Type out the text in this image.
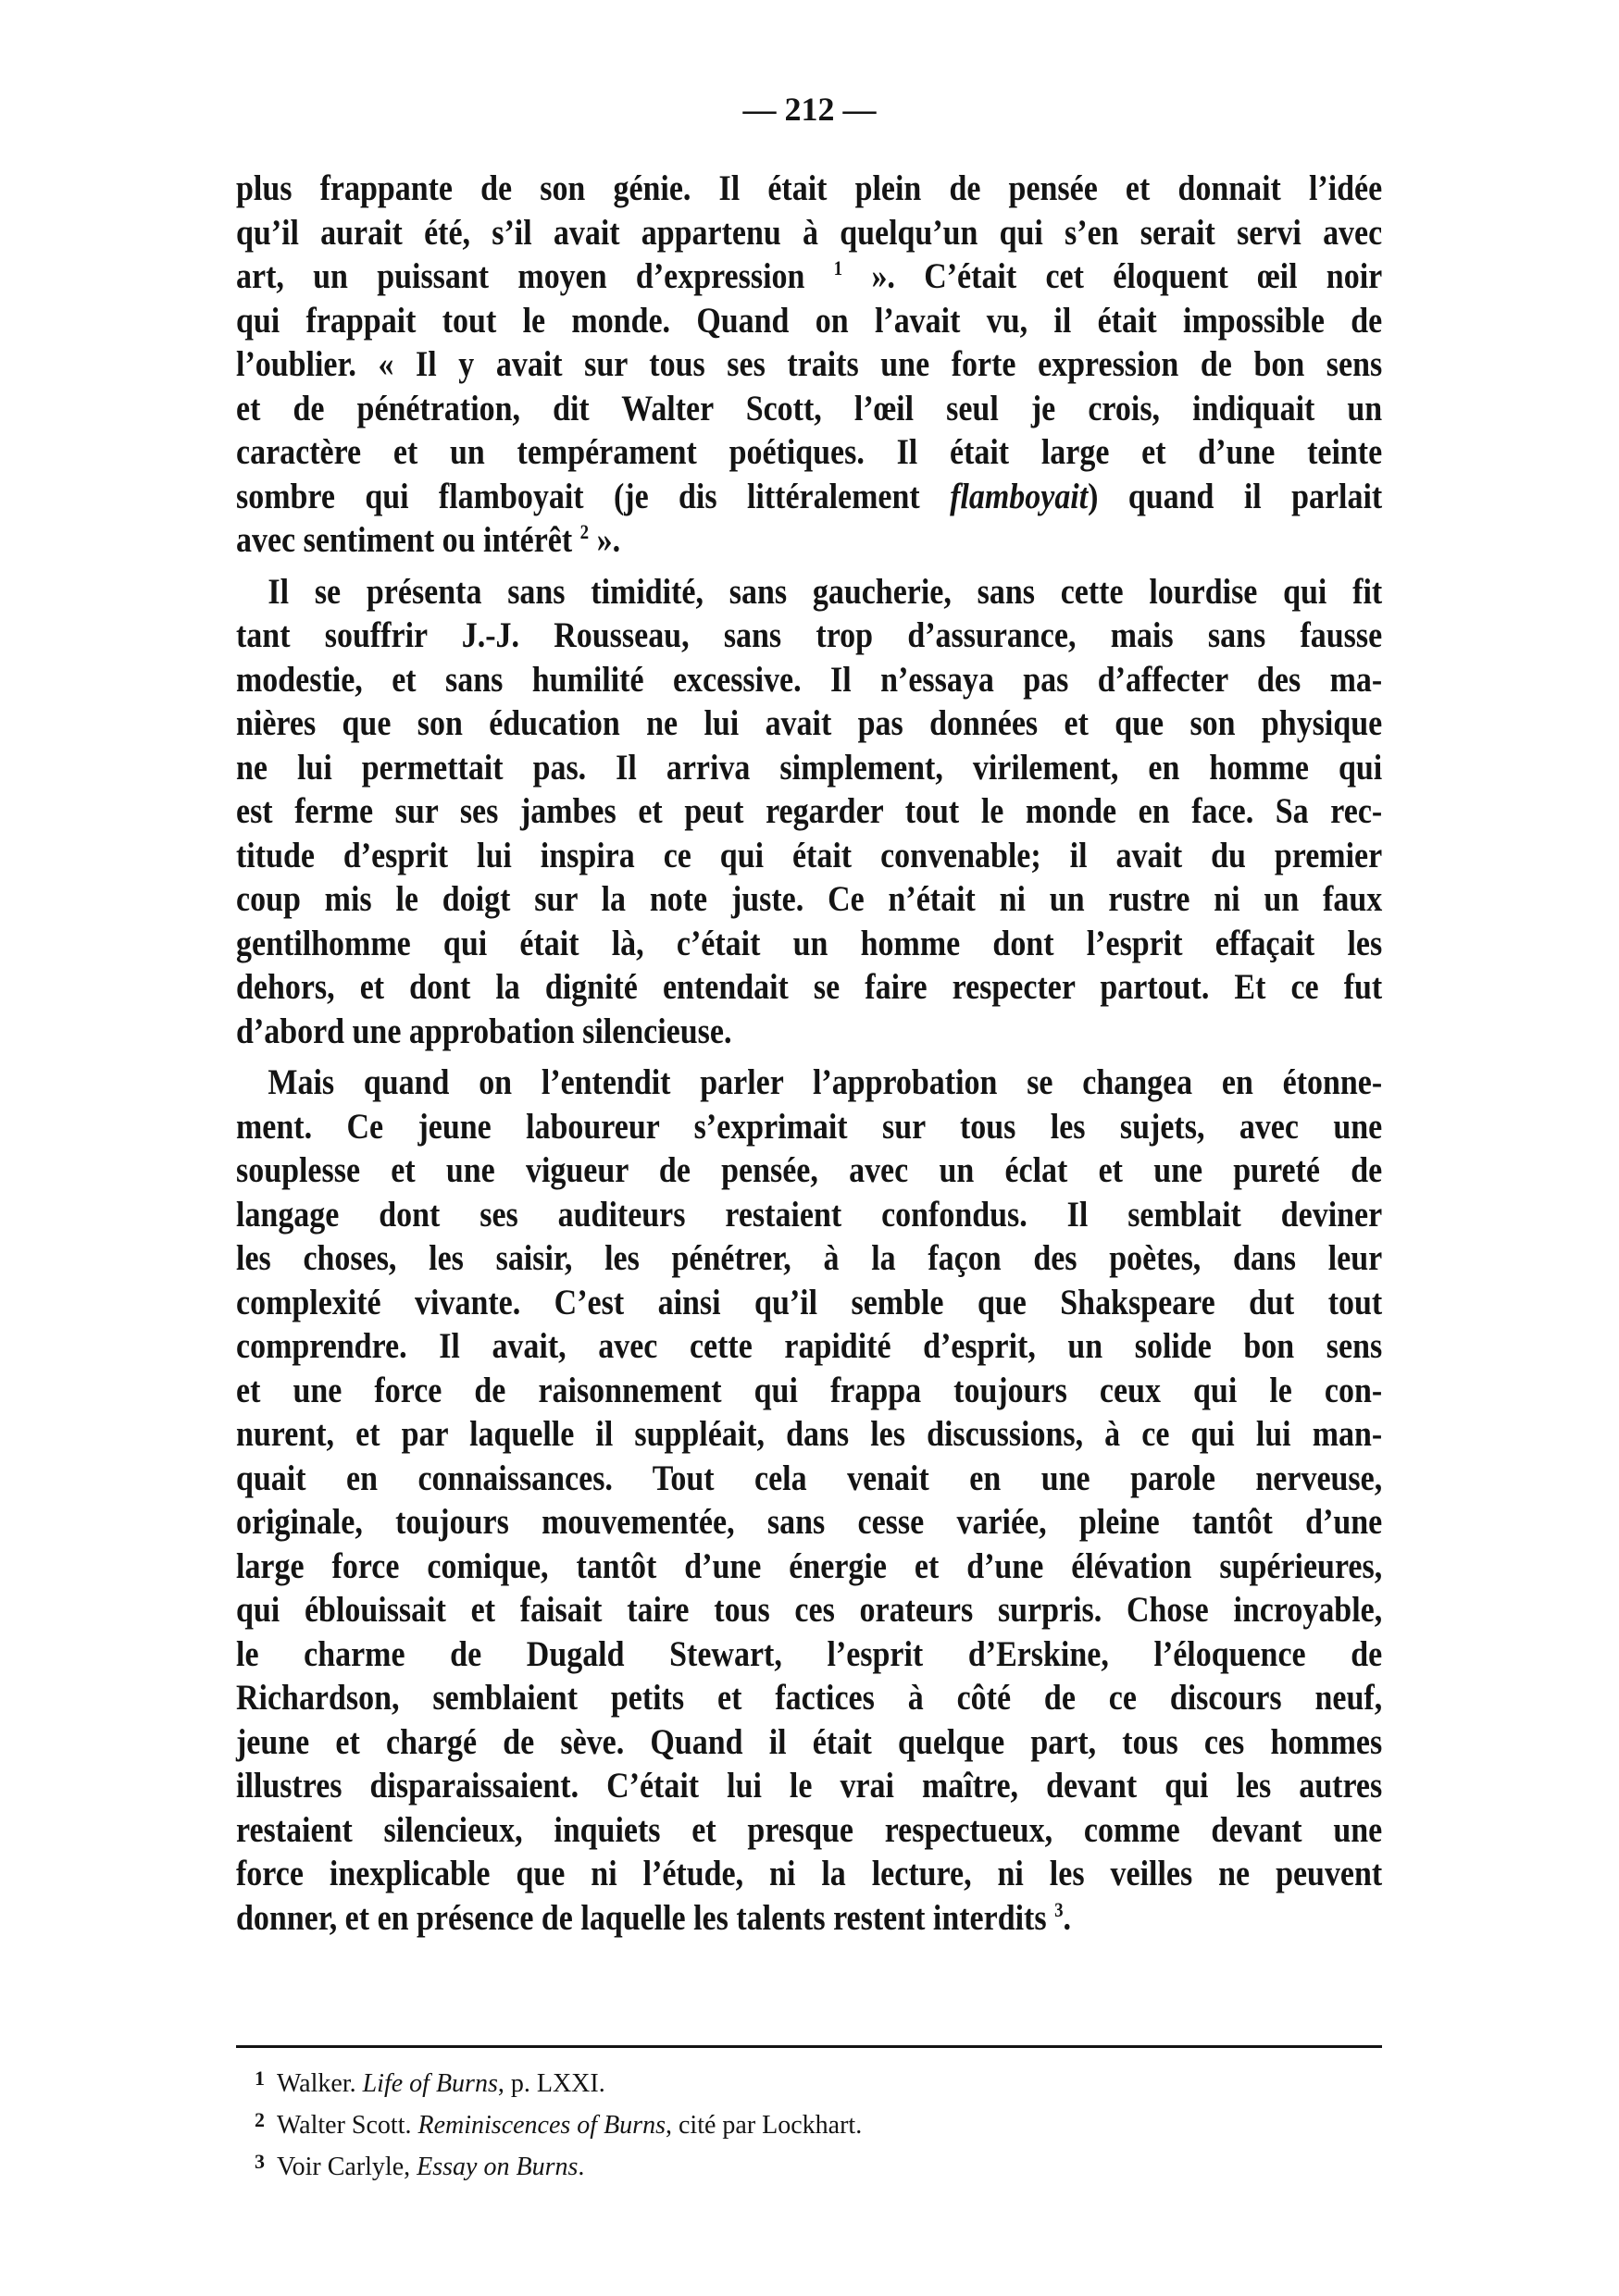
— 212 —
plus frappante de son génie. Il était plein de pensée et donnait l’idée
qu’il aurait été, s’il avait appartenu à quelqu’un qui s’en serait servi avec
art, un puissant moyen d’expression $^1$ ». C’était cet éloquent œil noir
qui frappait tout le monde. Quand on l’avait vu, il était impossible de
l’oublier. « Il y avait sur tous ses traits une forte expression de bon sens
et de pénétration, dit Walter Scott, l’œil seul je crois, indiquait un
caractère et un tempérament poétiques. Il était large et d’une teinte
sombre qui flamboyait (je dis littéralement flamboyait) quand il parlait
avec sentiment ou intérêt $^2$ ».
Il se présenta sans timidité, sans gaucherie, sans cette lourdise qui fit
tant souffrir J.-J. Rousseau, sans trop d’assurance, mais sans fausse
modestie, et sans humilité excessive. Il n’essaya pas d’affecter des ma-
nières que son éducation ne lui avait pas données et que son physique
ne lui permettait pas. Il arriva simplement, virilement, en homme qui
est ferme sur ses jambes et peut regarder tout le monde en face. Sa rec-
titude d’esprit lui inspira ce qui était convenable; il avait du premier
coup mis le doigt sur la note juste. Ce n’était ni un rustre ni un faux
gentilhomme qui était là, c’était un homme dont l’esprit effaçait les
dehors, et dont la dignité entendait se faire respecter partout. Et ce fut
d’abord une approbation silencieuse.
Mais quand on l’entendit parler l’approbation se changea en étonne-
ment. Ce jeune laboureur s’exprimait sur tous les sujets, avec une
souplesse et une vigueur de pensée, avec un éclat et une pureté de
langage dont ses auditeurs restaient confondus. Il semblait deviner
les choses, les saisir, les pénétrer, à la façon des poètes, dans leur
complexité vivante. C’est ainsi qu’il semble que Shakspeare dut tout
comprendre. Il avait, avec cette rapidité d’esprit, un solide bon sens
et une force de raisonnement qui frappa toujours ceux qui le con-
nurent, et par laquelle il suppléait, dans les discussions, à ce qui lui man-
quait en connaissances. Tout cela venait en une parole nerveuse,
originale, toujours mouvementée, sans cesse variée, pleine tantôt d’une
large force comique, tantôt d’une énergie et d’une élévation supérieures,
qui éblouissait et faisait taire tous ces orateurs surpris. Chose incroyable,
le charme de Dugald Stewart, l’esprit d’Erskine, l’éloquence de
Richardson, semblaient petits et factices à côté de ce discours neuf,
jeune et chargé de sève. Quand il était quelque part, tous ces hommes
illustres disparaissaient. C’était lui le vrai maître, devant qui les autres
restaient silencieux, inquiets et presque respectueux, comme devant une
force inexplicable que ni l’étude, ni la lecture, ni les veilles ne peuvent
donner, et en présence de laquelle les talents restent interdits $^3$.
1 Walker. Life of Burns, p. LXXI.
2 Walter Scott. Reminiscences of Burns, cité par Lockhart.
3 Voir Carlyle, Essay on Burns.
